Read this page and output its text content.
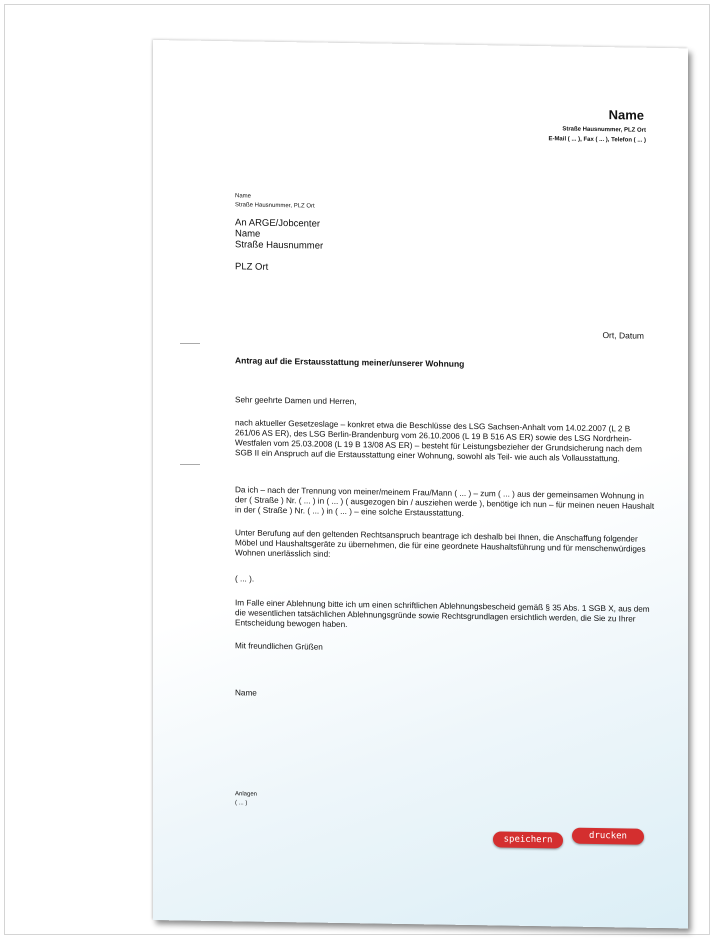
Name
Straße Hausnummer, PLZ Ort
E-Mail ( ... ), Fax ( ... ), Telefon ( ... )
Name
Straße Hausnummer, PLZ Ort
An ARGE/Jobcenter
Name
Straße Hausnummer
PLZ Ort
Ort, Datum
Antrag auf die Erstausstattung meiner/unserer Wohnung
Sehr geehrte Damen und Herren,
nach aktueller Gesetzeslage – konkret etwa die Beschlüsse des LSG Sachsen-Anhalt vom 14.02.2007 (L 2 B 261/06 AS ER), des LSG Berlin-Brandenburg vom 26.10.2006 (L 19 B 516 AS ER) sowie des LSG Nordrhein-Westfalen vom 25.03.2008 (L 19 B 13/08 AS ER) – besteht für Leistungsbezieher der Grundsicherung nach dem SGB II ein Anspruch auf die Erstausstattung einer Wohnung, sowohl als Teil- wie auch als Vollausstattung.
Da ich – nach der Trennung von meiner/meinem Frau/Mann ( ... ) – zum ( ... ) aus der gemeinsamen Wohnung in der ( Straße ) Nr. ( ... ) in ( ... ) ( ausgezogen bin / ausziehen werde ), benötige ich nun – für meinen neuen Haushalt in der ( Straße ) Nr. ( ... ) in ( ... ) – eine solche Erstausstattung.
Unter Berufung auf den geltenden Rechtsanspruch beantrage ich deshalb bei Ihnen, die Anschaffung folgender Möbel und Haushaltsgeräte zu übernehmen, die für eine geordnete Haushaltsführung und für menschenwürdiges Wohnen unerlässlich sind:
( ... ).
Im Falle einer Ablehnung bitte ich um einen schriftlichen Ablehnungsbescheid gemäß § 35 Abs. 1 SGB X, aus dem die wesentlichen tatsächlichen Ablehnungsgründe sowie Rechtsgrundlagen ersichtlich werden, die Sie zu Ihrer Entscheidung bewogen haben.
Mit freundlichen Grüßen
Name
Anlagen
( ... )
speichern	drucken
